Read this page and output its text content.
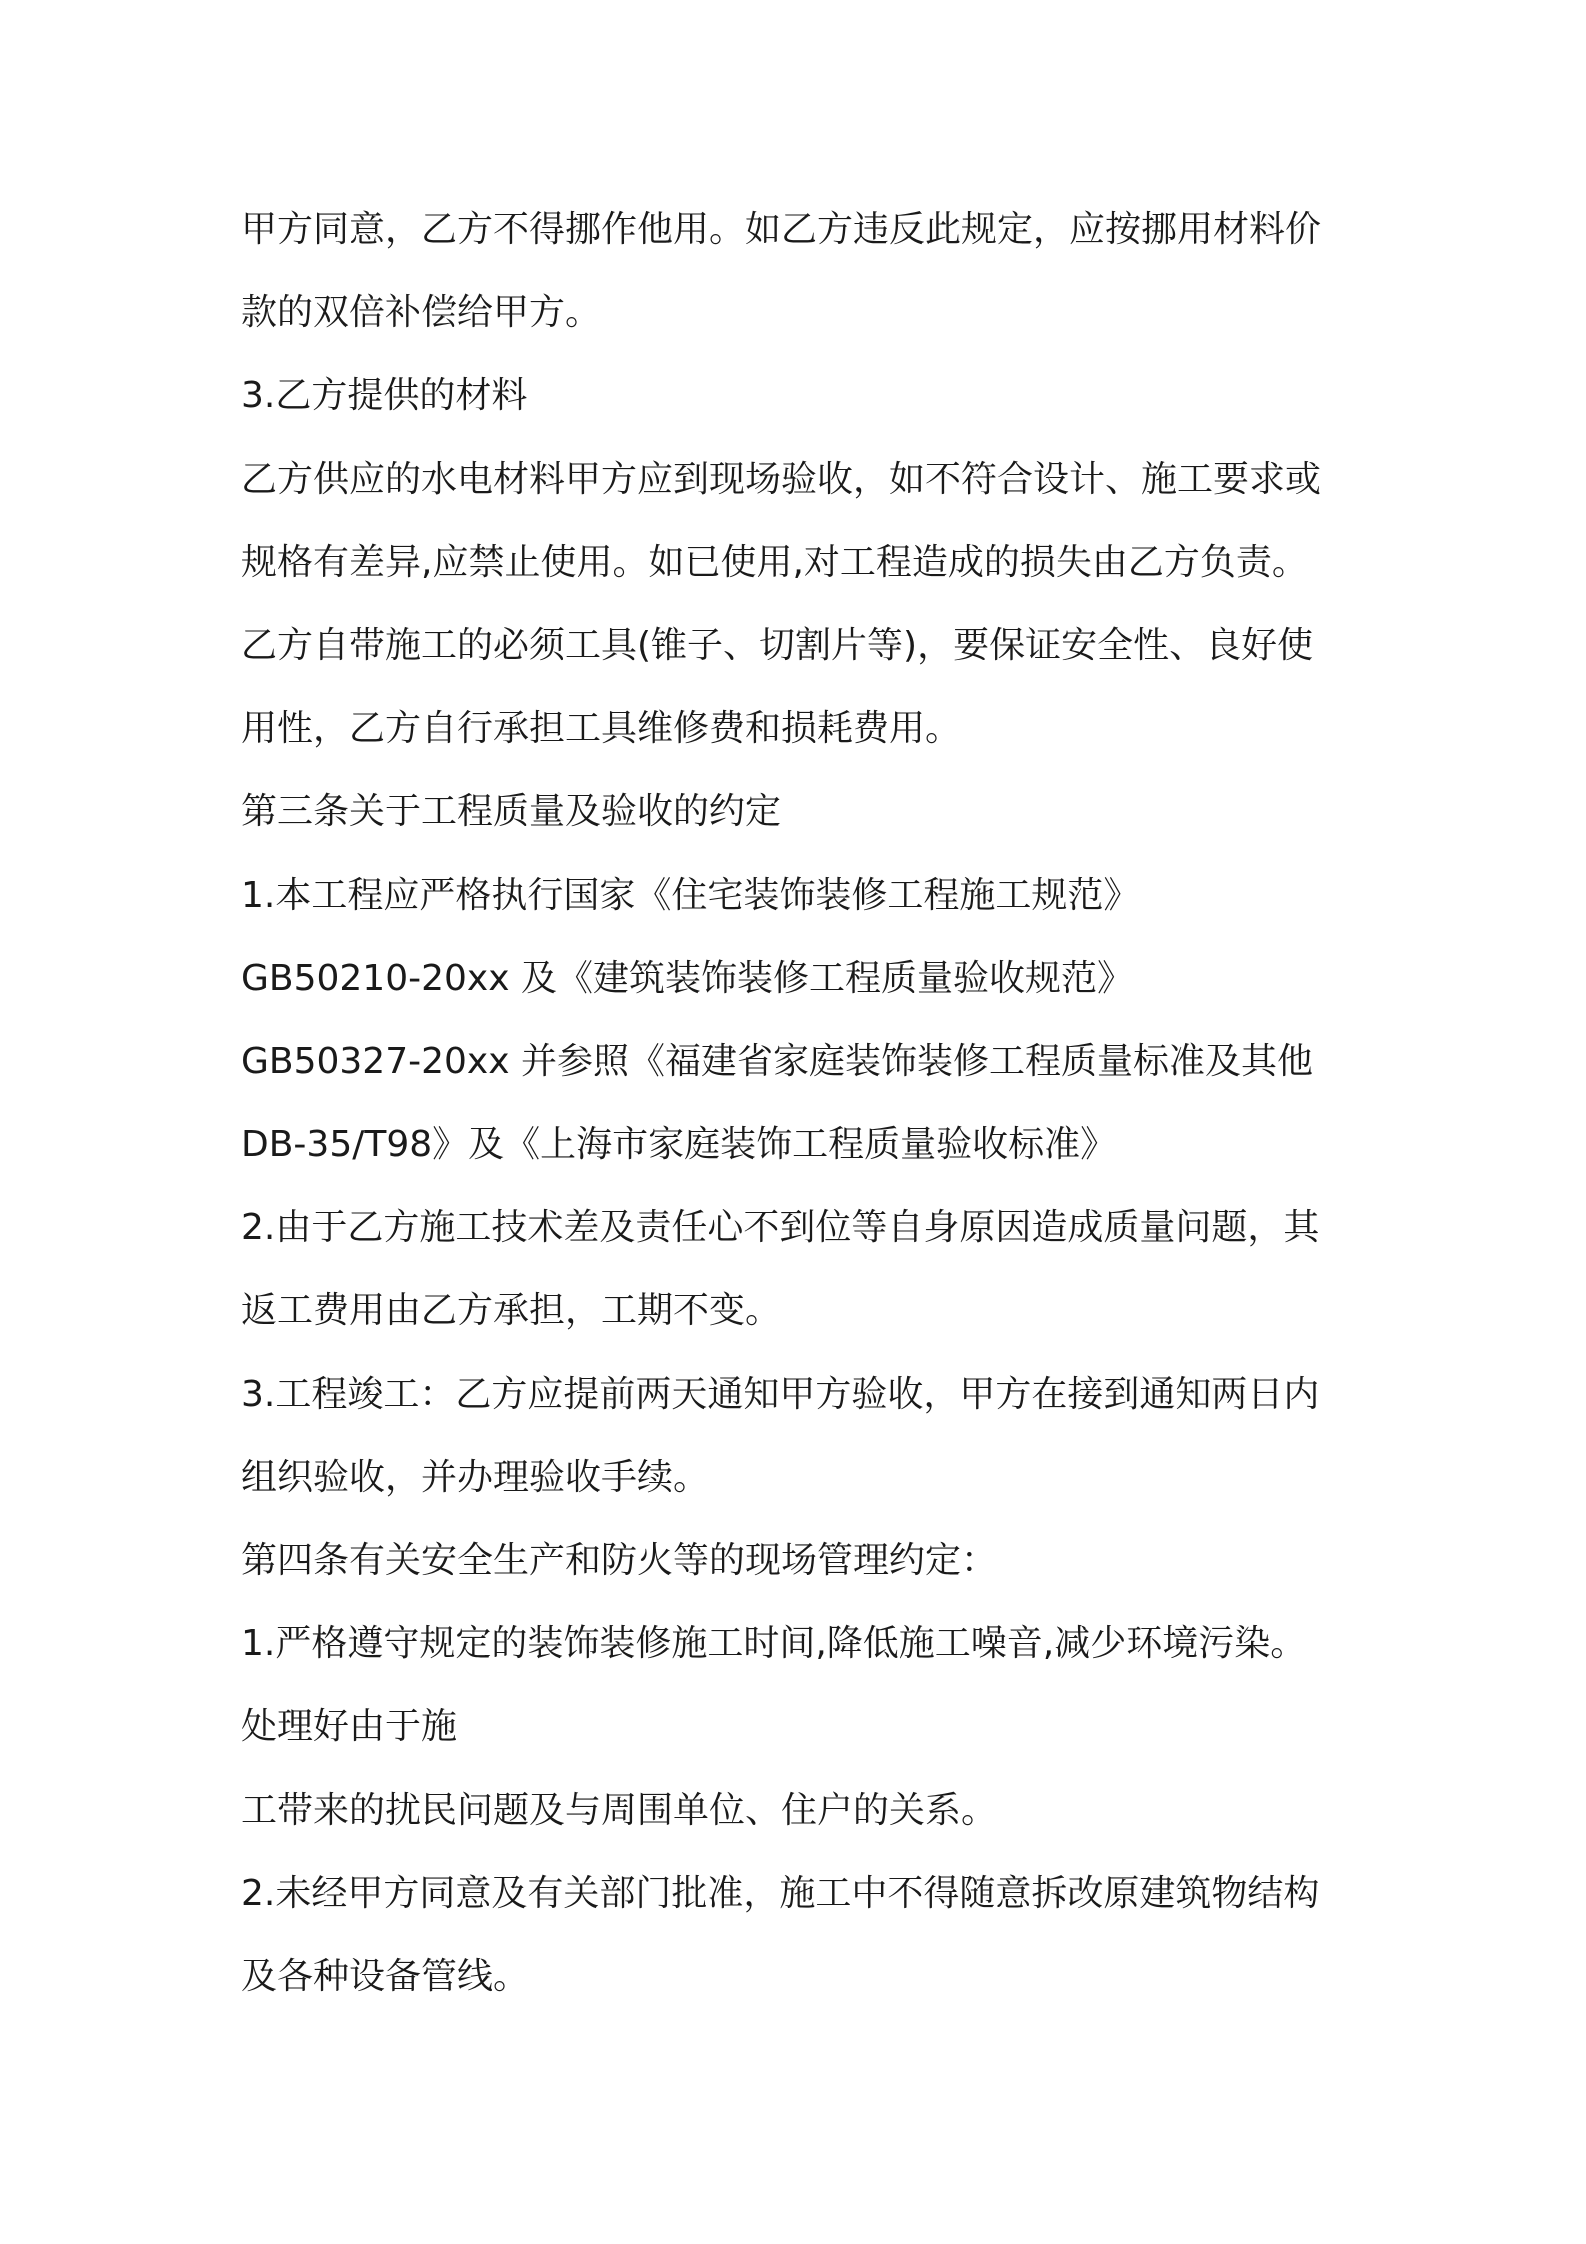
甲方同意，乙方不得挪作他用。如乙方违反此规定，应按挪用材料价
款的双倍补偿给甲方。
3.乙方提供的材料
乙方供应的水电材料甲方应到现场验收，如不符合设计、施工要求或
规格有差异,应禁止使用。如已使用,对工程造成的损失由乙方负责。
乙方自带施工的必须工具(锥子、切割片等)，要保证安全性、良好使
用性，乙方自行承担工具维修费和损耗费用。
第三条关于工程质量及验收的约定
1.本工程应严格执行国家《住宅装饰装修工程施工规范》
GB50210-20xx 及《建筑装饰装修工程质量验收规范》
GB50327-20xx 并参照《福建省家庭装饰装修工程质量标准及其他
DB-35/T98》及《上海市家庭装饰工程质量验收标准》
2.由于乙方施工技术差及责任心不到位等自身原因造成质量问题，其
返工费用由乙方承担，工期不变。
3.工程竣工：乙方应提前两天通知甲方验收，甲方在接到通知两日内
组织验收，并办理验收手续。
第四条有关安全生产和防火等的现场管理约定：
1.严格遵守规定的装饰装修施工时间,降低施工噪音,减少环境污染。
处理好由于施
工带来的扰民问题及与周围单位、住户的关系。
2.未经甲方同意及有关部门批准，施工中不得随意拆改原建筑物结构
及各种设备管线。
